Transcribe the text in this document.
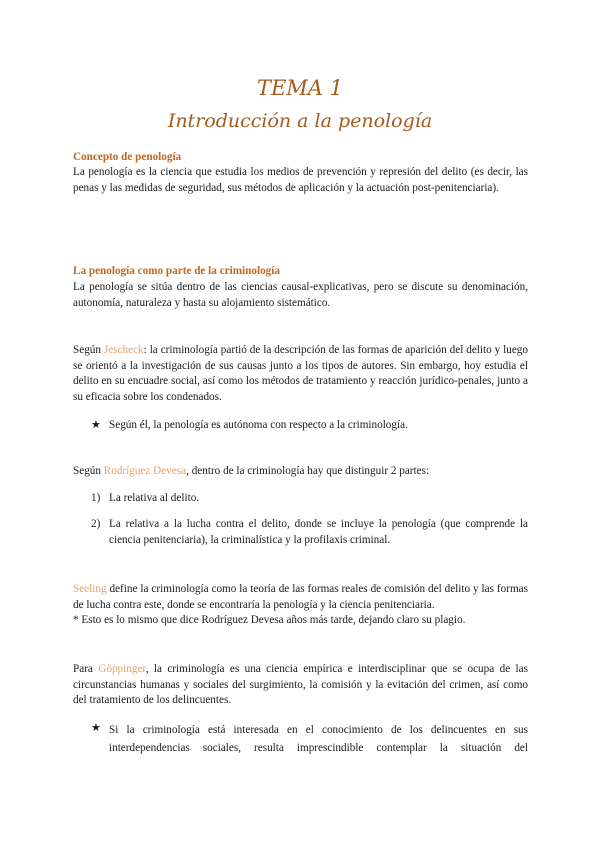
TEMA 1
Introducción a la penología
Concepto de penología
La penología es la ciencia que estudia los medios de prevención y represión del delito (es decir, las penas y las medidas de seguridad, sus métodos de aplicación y la actuación post-penitenciaria).
La penología como parte de la criminología
La penología se sitúa dentro de las ciencias causal-explicativas, pero se discute su denominación, autonomía, naturaleza y hasta su alojamiento sistemático.
Según Jescheck: la criminología partió de la descripción de las formas de aparición del delito y luego se orientó a la investigación de sus causas junto a los tipos de autores. Sin embargo, hoy estudia el delito en su encuadre social, así como los métodos de tratamiento y reacción jurídico-penales, junto a su eficacia sobre los condenados.
★ Según él, la penología es autónoma con respecto a la criminología.
Según Rodríguez Devesa, dentro de la criminología hay que distinguir 2 partes:
1) La relativa al delito.
2) La relativa a la lucha contra el delito, donde se incluye la penología (que comprende la ciencia penitenciaria), la criminalística y la profilaxis criminal.
Seeling define la criminología como la teoría de las formas reales de comisión del delito y las formas de lucha contra este, donde se encontraría la penología y la ciencia penitenciaria.
* Esto es lo mismo que dice Rodríguez Devesa años más tarde, dejando claro su plagio.
Para Göppinger, la criminología es una ciencia empírica e interdisciplinar que se ocupa de las circunstancias humanas y sociales del surgimiento, la comisión y la evitación del crimen, así como del tratamiento de los delincuentes.
★ Si la criminología está interesada en el conocimiento de los delincuentes en sus interdependencias sociales, resulta imprescindible contemplar la situación del
